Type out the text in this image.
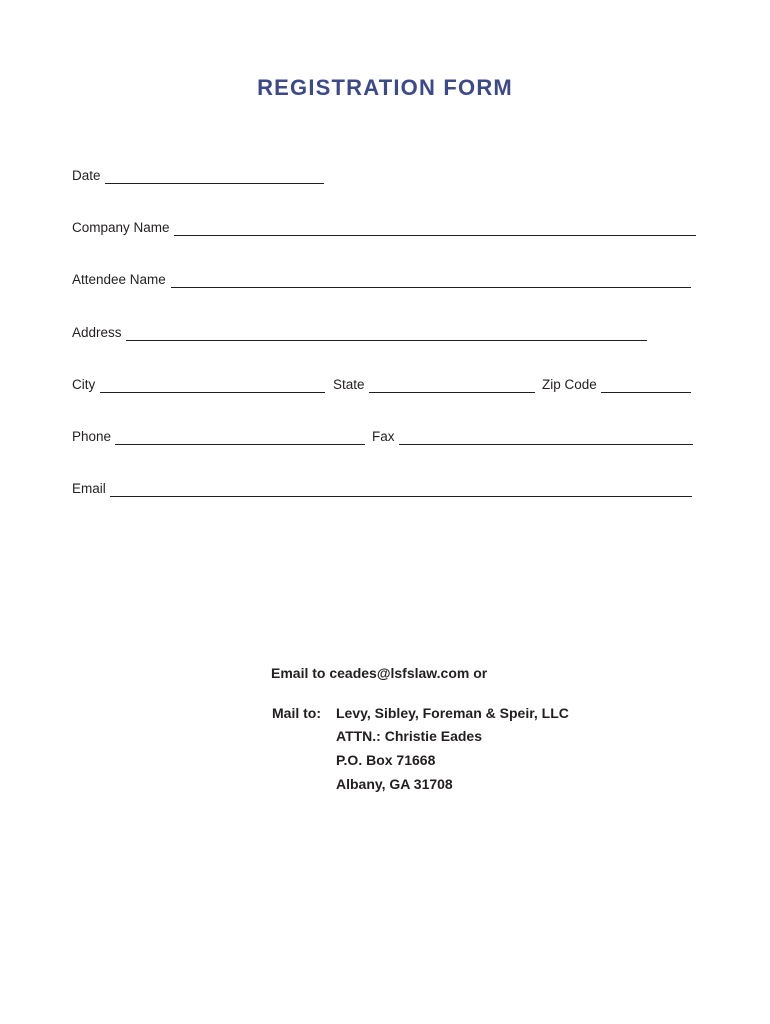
REGISTRATION FORM
Date
Company Name
Attendee Name
Address
City	State	Zip Code
Phone	Fax
Email
Email to ceades@lsfslaw.com or
Mail to: Levy, Sibley, Foreman & Speir, LLC
ATTN.: Christie Eades
P.O. Box 71668
Albany, GA 31708
